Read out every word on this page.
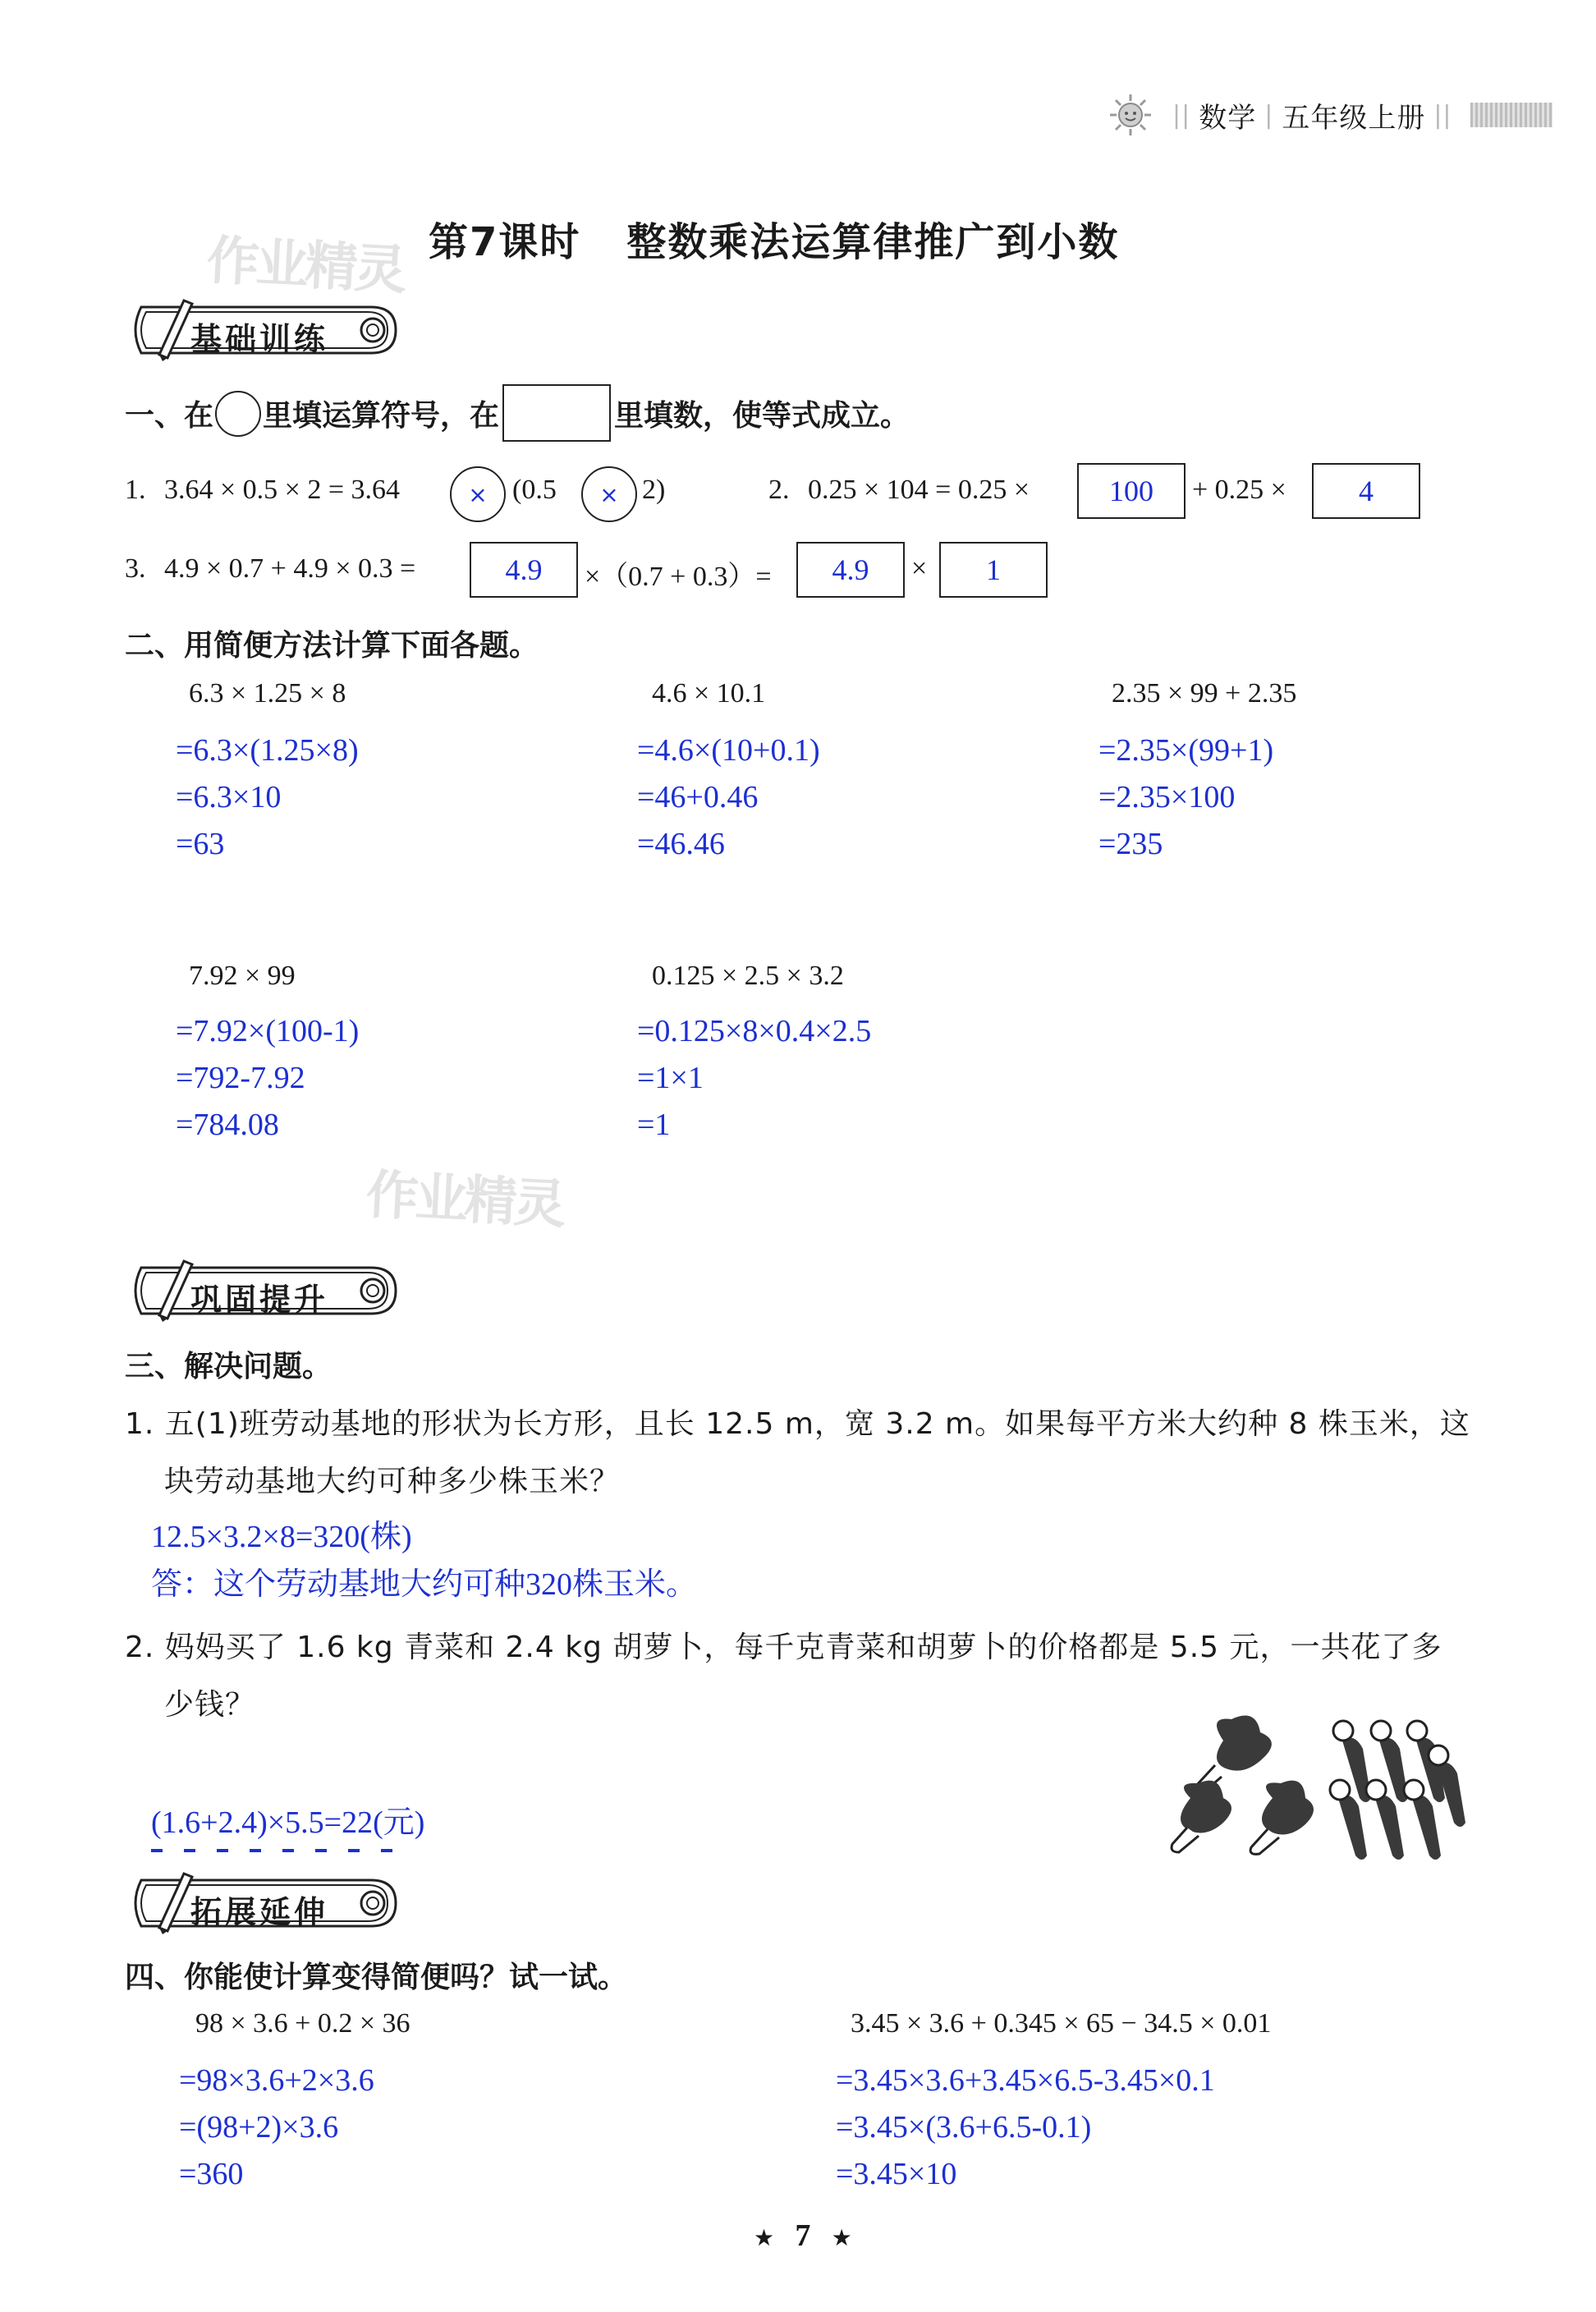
|| 数学 | 五年级上册 ||
作业精灵
作业精灵
第7课时 整数乘法运算律推广到小数
基础训练
一、在 里填运算符号，在	里填数，使等式成立。
1. 3.64 × 0.5 × 2 = 3.64	× (0.5 × 2)	2. 0.25 × 104 = 0.25 ×	100 + 0.25 × 4
3. 4.9 × 0.7 + 4.9 × 0.3 =	4.9 ×（0.7 + 0.3）= 4.9 × 1
二、用简便方法计算下面各题。
6.3 × 1.25 × 8
=6.3×(1.25×8)
=6.3×10
=63
4.6 × 10.1
=4.6×(10+0.1)
=46+0.46
=46.46
2.35 × 99 + 2.35
=2.35×(99+1)
=2.35×100
=235
7.92 × 99
=7.92×(100-1)
=792-7.92
=784.08
0.125 × 2.5 × 3.2
=0.125×8×0.4×2.5
=1×1
=1
巩固提升
三、解决问题。
1. 五(1)班劳动基地的形状为长方形，且长 12.5 m，宽 3.2 m。如果每平方米大约种 8 株玉米，这
块劳动基地大约可种多少株玉米？
12.5×3.2×8=320(株)
答：这个劳动基地大约可种320株玉米。
2. 妈妈买了 1.6 kg 青菜和 2.4 kg 胡萝卜，每千克青菜和胡萝卜的价格都是 5.5 元，一共花了多
少钱？
(1.6+2.4)×5.5=22(元)
拓展延伸
四、你能使计算变得简便吗？试一试。
98 × 3.6 + 0.2 × 36
=98×3.6+2×3.6
=(98+2)×3.6
=360
3.45 × 3.6 + 0.345 × 65 − 34.5 × 0.01
=3.45×3.6+3.45×6.5-3.45×0.1
=3.45×(3.6+6.5-0.1)
=3.45×10
★ 7 ★
